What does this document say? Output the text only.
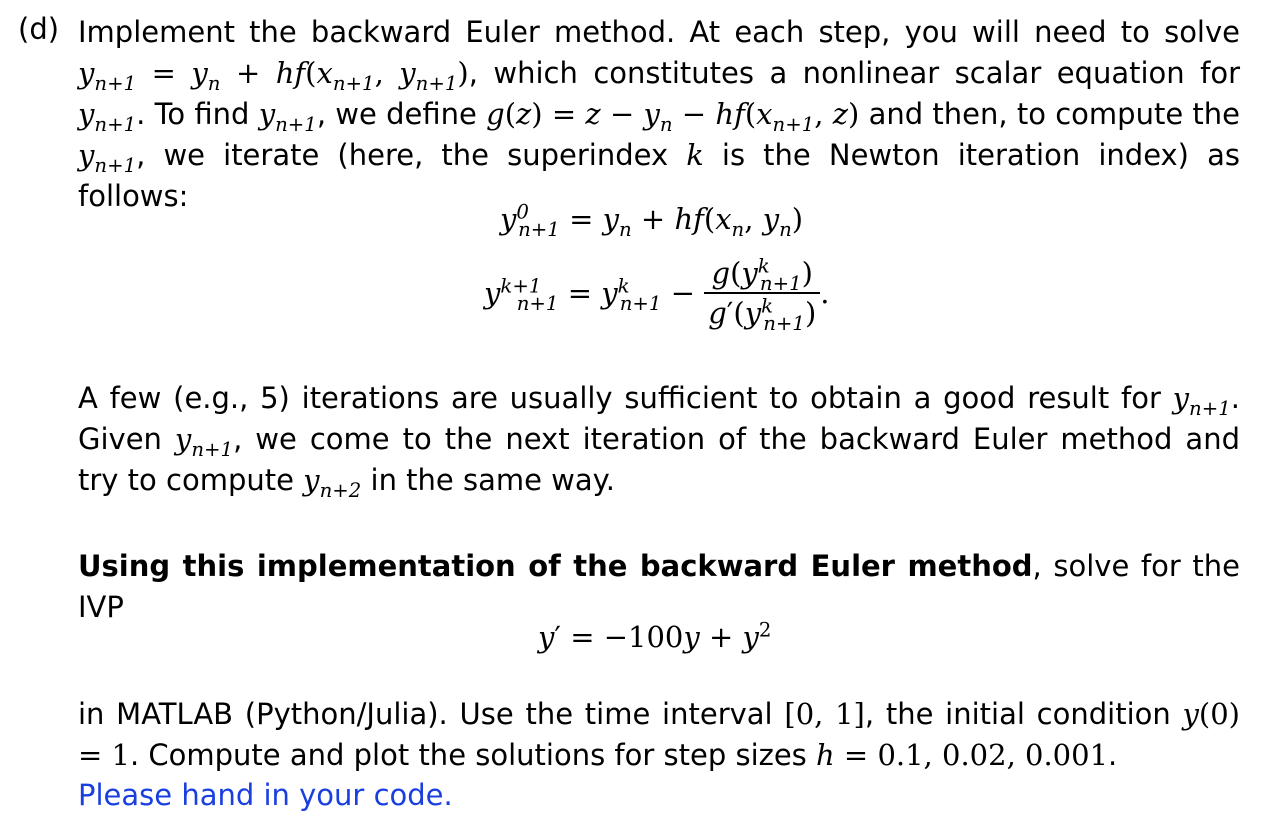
(d) Implement the backward Euler method. At each step, you will need to solve $y_{n+1} = y_n + hf(x_{n+1}$, $y_{n+1}$), which constitutes a nonlinear scalar equation for $y_{n+1}$. To find $y_{n+1}$, we define $g(z) = z - y_n - hf(x_{n+1}$, z) and then, to compute the $y_{n+1}$, we iterate (here, the superindex k is the Newton iteration index) as follows:
$y^0_{n+1} = y_n + hf(x_n$, $y_n$)
$y^{k+1}_{n+1} = y^k_{n+1} - \frac{g(y^k_{n+1})}{g'(y^k_{n+1})}$ .
A few (e.g., 5) iterations are usually sufficient to obtain a good result for $y_{n+1}$. Given $y_{n+1}$, we come to the next iteration of the backward Euler method and try to compute $y_{n+2}$ in the same way.
Using this implementation of the backward Euler method, solve for the IVP
$y' = -100y + y^2$
in MATLAB (Python/Julia). Use the time interval [0, 1], the initial condition y(0) = 1. Compute and plot the solutions for step sizes h = 0.1, 0.02, 0.001.
Please hand in your code.
